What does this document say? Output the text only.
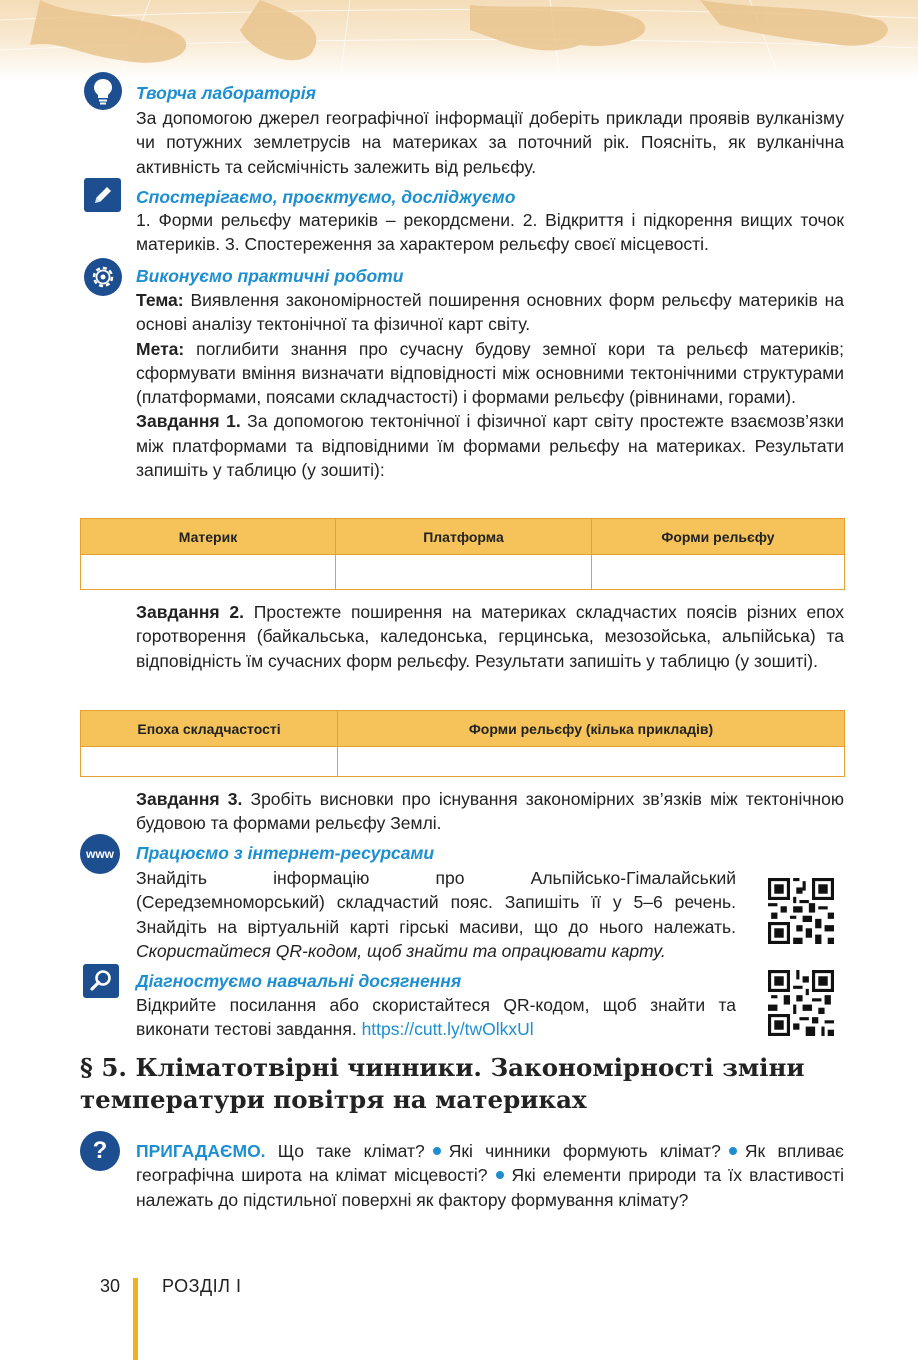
Творча лабораторія
За допомогою джерел географічної інформації доберіть приклади проявів вулканізму чи потужних землетрусів на материках за поточний рік. Поясніть, як вулканічна активність та сейсмічність залежить від рельєфу.
Спостерігаємо, проєктуємо, досліджуємо
1. Форми рельєфу материків – рекордсмени. 2. Відкриття і підкорення вищих точок материків. 3. Спостереження за характером рельєфу своєї місцевості.
Виконуємо практичні роботи
Тема: Виявлення закономірностей поширення основних форм рельєфу материків на основі аналізу тектонічної та фізичної карт світу.
Мета: поглибити знання про сучасну будову земної кори та рельєф материків; сформувати вміння визначати відповідності між основними тектонічними структурами (платформами, поясами складчастості) і формами рельєфу (рівнинами, горами).
Завдання 1. За допомогою тектонічної і фізичної карт світу простежте взаємозв’язки між платформами та відповідними їм формами рельєфу на материках. Результати запишіть у таблицю (у зошиті):
Материк	Платформа	Форми рельєфу

Завдання 2. Простежте поширення на материках складчастих поясів різних епох горотворення (байкальська, каледонська, герцинська, мезозойська, альпійська) та відповідність їм сучасних форм рельєфу. Результати запишіть у таблицю (у зошиті).
Епоха складчастості	Форми рельєфу (кілька прикладів)

Завдання 3. Зробіть висновки про існування закономірних зв’язків між тектонічною будовою та формами рельєфу Землі.
www Працюємо з інтернет-ресурсами
Знайдіть інформацію про Альпійсько-Гімалайський (Середземноморський) складчастий пояс. Запишіть її у 5–6 речень. Знайдіть на віртуальній карті гірські масиви, що до нього належать. Скористайтеся QR-кодом, щоб знайти та опрацювати карту.
Діагностуємо навчальні досягнення
Відкрийте посилання або скористайтеся QR-кодом, щоб знайти та виконати тестові завдання. https://cutt.ly/twOlkxUl
§ 5. Кліматотвірні чинники. Закономірності зміни температури повітря на материках
? ПРИГАДАЄМО. Що таке клімат? Які чинники формують клімат? Як впливає географічна широта на клімат місцевості? Які елементи природи та їх властивості належать до підстильної поверхні як фактору формування клімату?
30 РОЗДІЛ І
